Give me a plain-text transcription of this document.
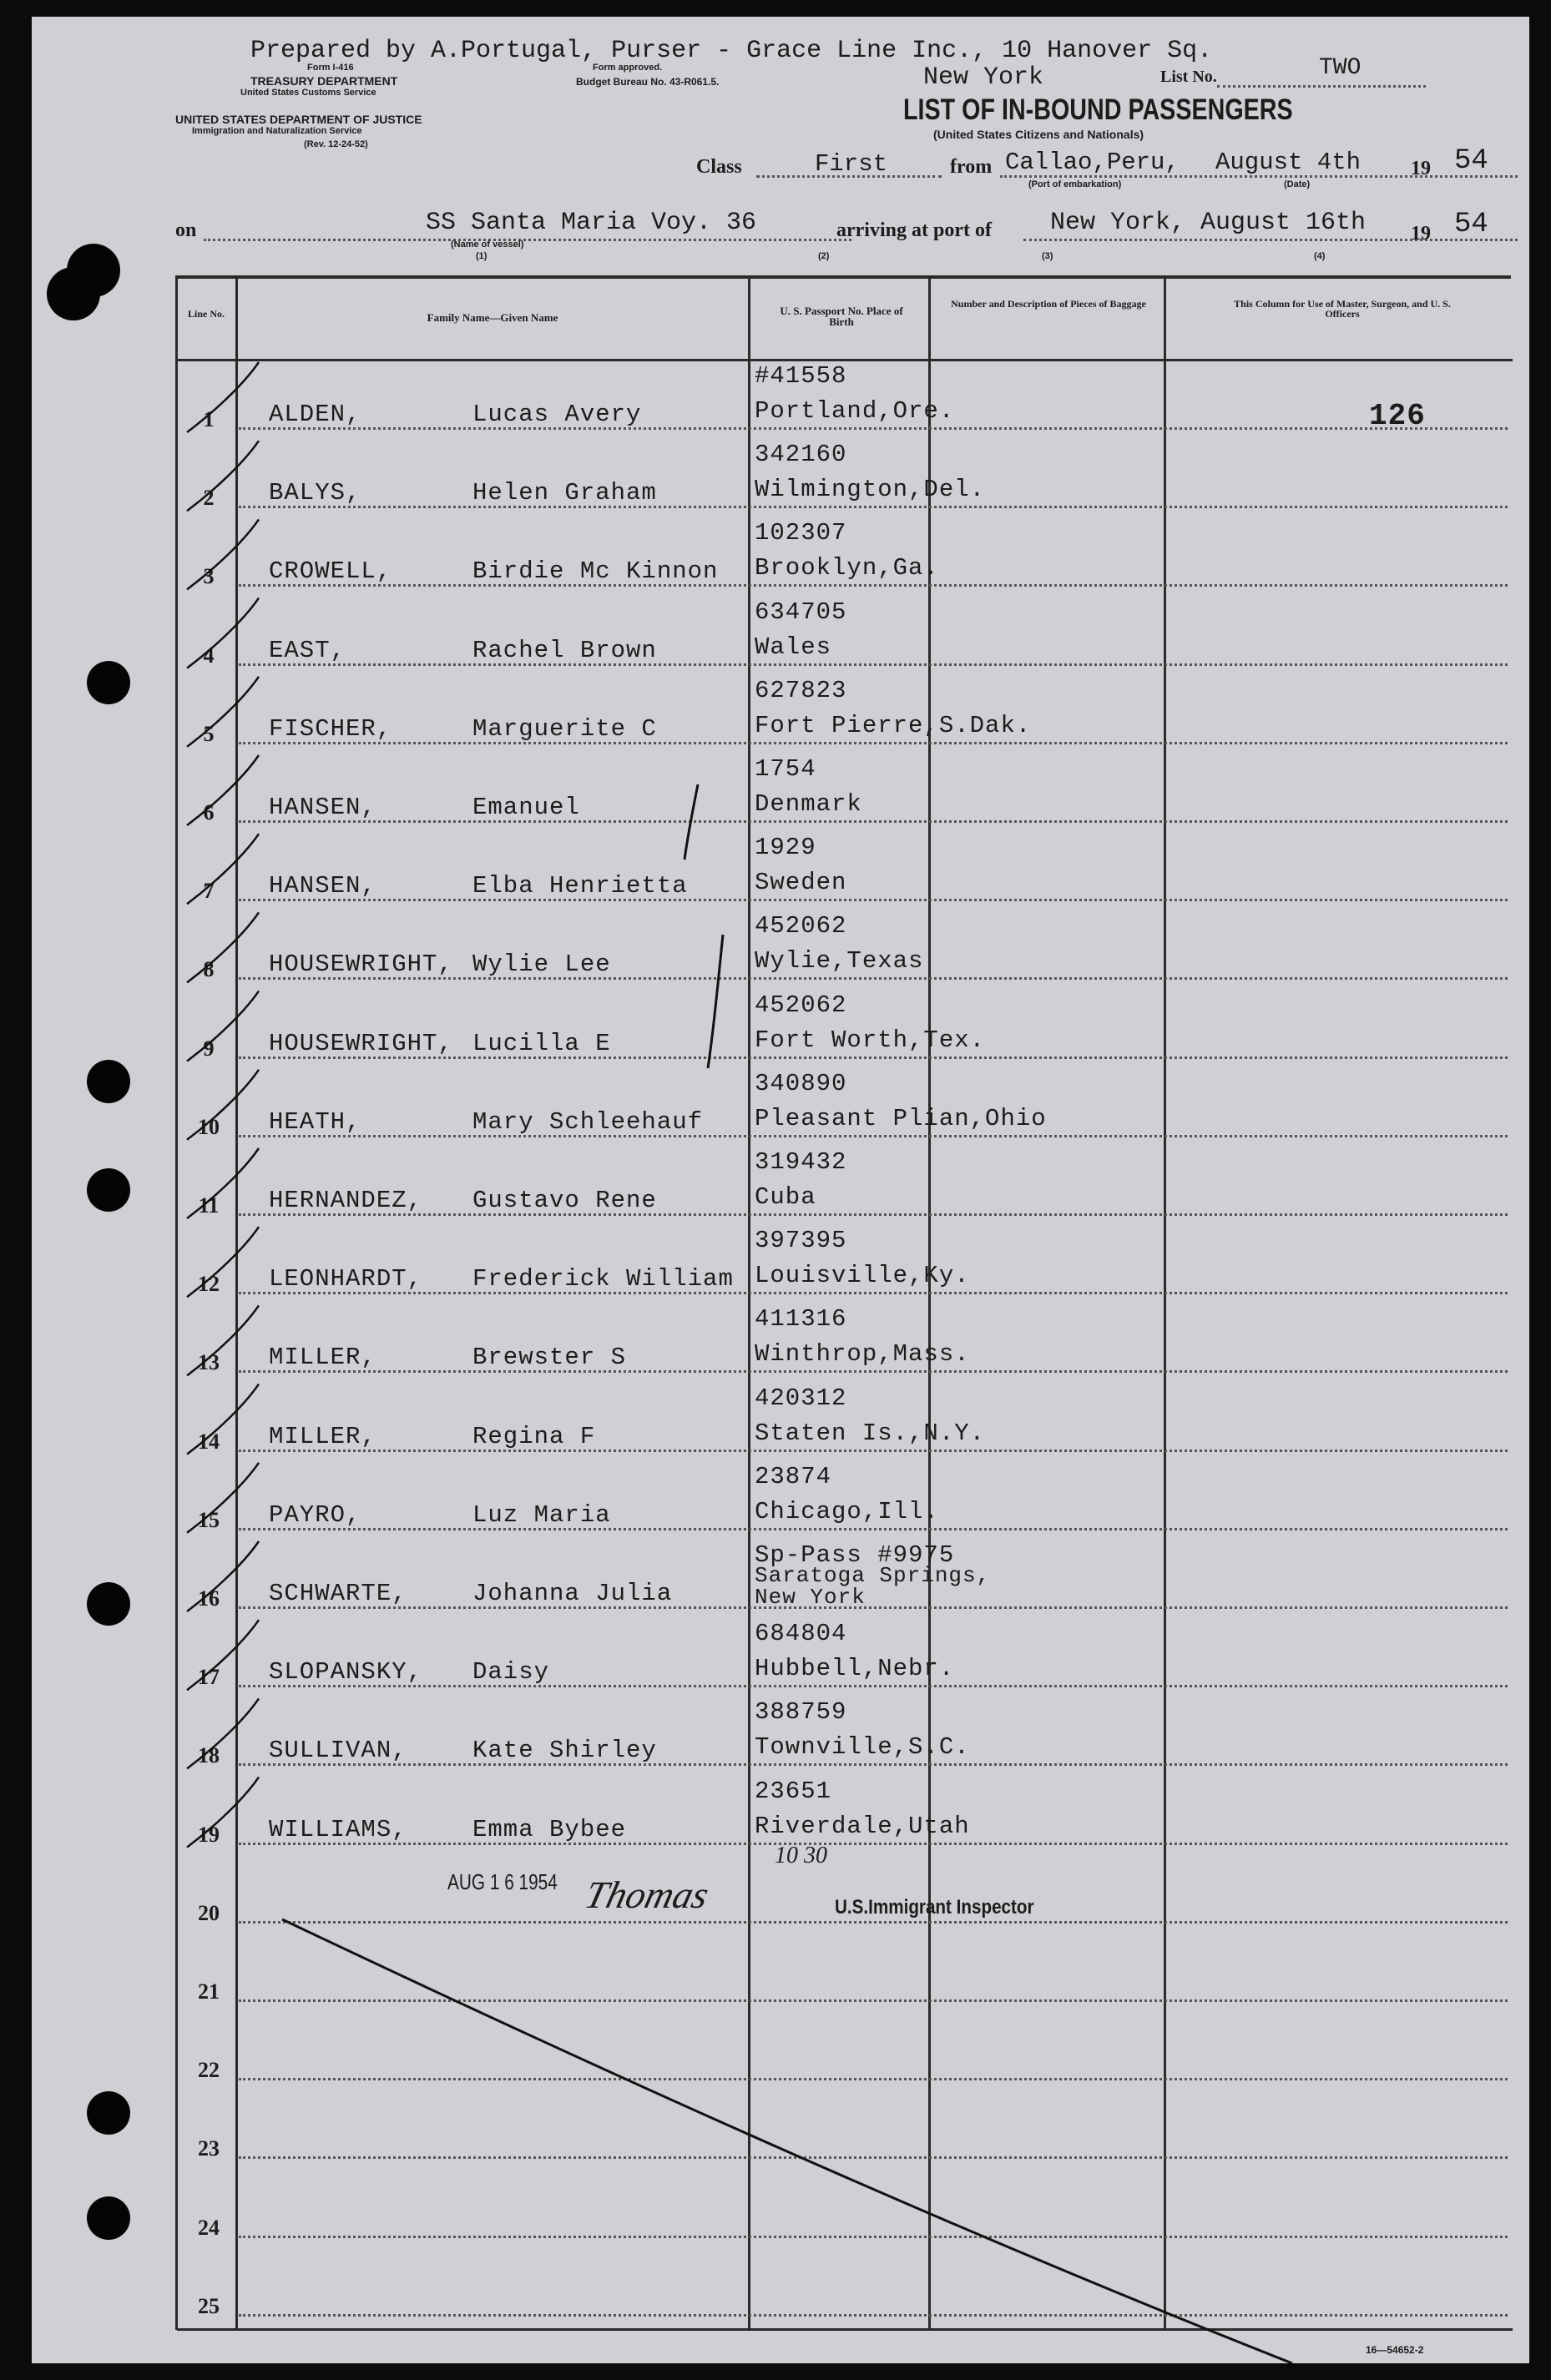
Prepared by A.Portugal, Purser - Grace Line Inc., 10 Hanover Sq.
New York
Form I-416
TREASURY DEPARTMENT
United States Customs Service
Form approved.
Budget Bureau No. 43-R061.5.	List No.	TWO
UNITED STATES DEPARTMENT OF JUSTICE
Immigration and Naturalization Service
(Rev. 12-24-52)
LIST OF IN-BOUND PASSENGERS
(United States Citizens and Nationals)
Class	First	from Callao,Peru,
(Port of embarkation)
August 4th
(Date)
19 54
on	SS Santa Maria Voy. 36
(Name of vessel)
(1)
arriving at port of New York, August 16th
(2)	(3)	(4)
19 54
Line No.	Family Name—Given Name
U. S. Passport No. Place of Birth
Number and Description of Pieces of Baggage	This Column for Use of Master, Surgeon, and U. S. Officers
1	ALDEN,	Lucas Avery
#41558
Portland,Ore.	126
2	BALYS,	Helen Graham
342160
Wilmington,Del.
3	CROWELL,	Birdie Mc Kinnon
102307
Brooklyn,Ga.
4	EAST,	Rachel Brown
634705
Wales
5	FISCHER,	Marguerite C
627823
Fort Pierre,S.Dak.
6	HANSEN,	Emanuel
1754
Denmark
7	HANSEN,	Elba Henrietta
1929
Sweden
8	HOUSEWRIGHT, Wylie Lee
452062
Wylie,Texas
9	HOUSEWRIGHT, Lucilla E
452062
Fort Worth,Tex.
10	HEATH,	Mary Schleehauf
340890
Pleasant Plian,Ohio
11	HERNANDEZ, Gustavo Rene
319432
Cuba
12	LEONHARDT, Frederick William
397395
Louisville,Ky.
13	MILLER,	Brewster S
411316
Winthrop,Mass.
14	MILLER,	Regina F
420312
Staten Is.,N.Y.
15	PAYRO,	Luz Maria
23874
Chicago,Ill.
16	SCHWARTE,	Johanna Julia
Sp-Pass #9975
Saratoga Springs, New York
17	SLOPANSKY, Daisy
684804
Hubbell,Nebr.
18	SULLIVAN,	Kate Shirley
388759
Townville,S.C.
19	WILLIAMS,	Emma Bybee
23651
Riverdale,Utah
20
21
22
23
24
25
AUG 1 6 1954 Thomas
10 30
U.S.Immigrant Inspector
16—54652-2
